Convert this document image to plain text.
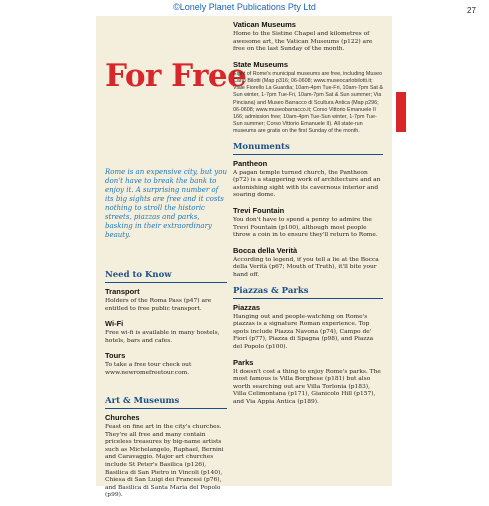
©Lonely Planet Publications Pty Ltd	27
For Free
Rome is an expensive city, but you don't have to break the bank to enjoy it. A surprising number of its big sights are free and it costs nothing to stroll the historic streets, piazzas and parks, basking in their extraordinary beauty.
Need to Know
Transport
Holders of the Roma Pass (p47) are entitled to free public transport.
Wi-Fi
Free wi-fi is available in many hostels, hotels, bars and cafes.
Tours
To take a free tour check out www.newromefreetour.com.
Art & Museums
Churches
Feast on fine art in the city's churches. They're all free and many contain priceless treasures by big-name artists such as Michelangelo, Raphael, Bernini and Caravaggio. Major art churches include St Peter's Basilica (p126), Basilica di San Pietro in Vincoli (p140), Chiesa di San Luigi dei Francesi (p76), and Basilica di Santa Maria del Popolo (p99).
Vatican Museums
Home to the Sistine Chapel and kilometres of awesome art, the Vatican Museums (p122) are free on the last Sunday of the month.
State Museums
Eight of Rome's municipal museums are free, including Museo Carlo Bilotti (Map p316; 06-0608; www.museocarlobilotti.it; Viale Fiorello La Guardia; 10am-4pm Tue-Fri, 10am-7pm Sat & Sun winter, 1-7pm Tue-Fri, 10am-7pm Sat & Sun summer; Via Pinciana) and Museo Barracco di Scultura Antica (Map p296; 06-0608; www.museobarracco.it; Corso Vittorio Emanuele II 166; admission free; 10am-4pm Tue-Sun winter, 1-7pm Tue-Sun summer; Corso Vittorio Emanuele II). All state-run museums are gratis on the first Sunday of the month.
Monuments
Pantheon
A pagan temple turned church, the Pantheon (p72) is a staggering work of architecture and an astonishing sight with its cavernous interior and soaring dome.
Trevi Fountain
You don't have to spend a penny to admire the Trevi Fountain (p100), although most people throw a coin in to ensure they'll return to Rome.
Bocca della Verità
According to legend, if you tell a lie at the Bocca della Verità (p67; Mouth of Truth), it'll bite your hand off.
Piazzas & Parks
Piazzas
Hanging out and people-watching on Rome's piazzas is a signature Roman experience. Top spots include Piazza Navona (p74), Campo de' Fiori (p77), Piazza di Spagna (p98), and Piazza del Popolo (p100).
Parks
It doesn't cost a thing to enjoy Rome's parks. The most famous is Villa Borghese (p181) but also worth searching out are Villa Torlonia (p183), Villa Celimontana (p171), Gianicolo Hill (p157), and Via Appia Antica (p189).
